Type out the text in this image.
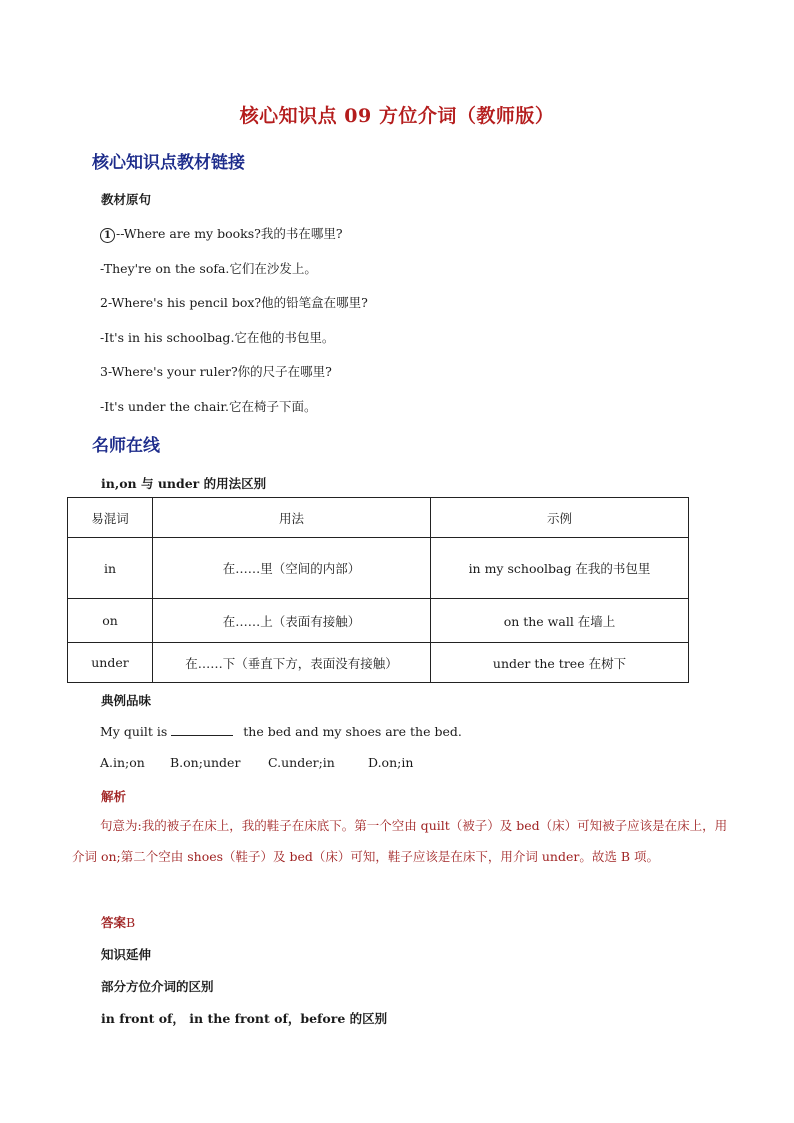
核心知识点 09 方位介词（教师版）
核心知识点教材链接
教材原句
1 --Where are my books?我的书在哪里?
-They're on the sofa.它们在沙发上。
2-Where's his pencil box?他的铅笔盒在哪里?
-It's in his schoolbag.它在他的书包里。
3-Where's your ruler?你的尺子在哪里?
-It's under the chair.它在椅子下面。
名师在线
in,on 与 under 的用法区别
易混词	用法	示例
in	在……里（空间的内部）	in my schoolbag 在我的书包里
on	在……上（表面有接触）	on the wall 在墙上
under	在……下（垂直下方，表面没有接触）	under the tree 在树下
典例品味
My quilt is	the bed and my shoes are the bed.
A.in;on B.on;under C.under;in	D.on;in
解析
句意为:我的被子在床上，我的鞋子在床底下。第一个空由 quilt（被子）及 bed（床）可知被子应该是在床上，用介词 on;第二个空由 shoes（鞋子）及 bed（床）可知，鞋子应该是在床下，用介词 under。故选 B 项。
答案B
知识延伸
部分方位介词的区别
in front of， in the front of，before 的区别
